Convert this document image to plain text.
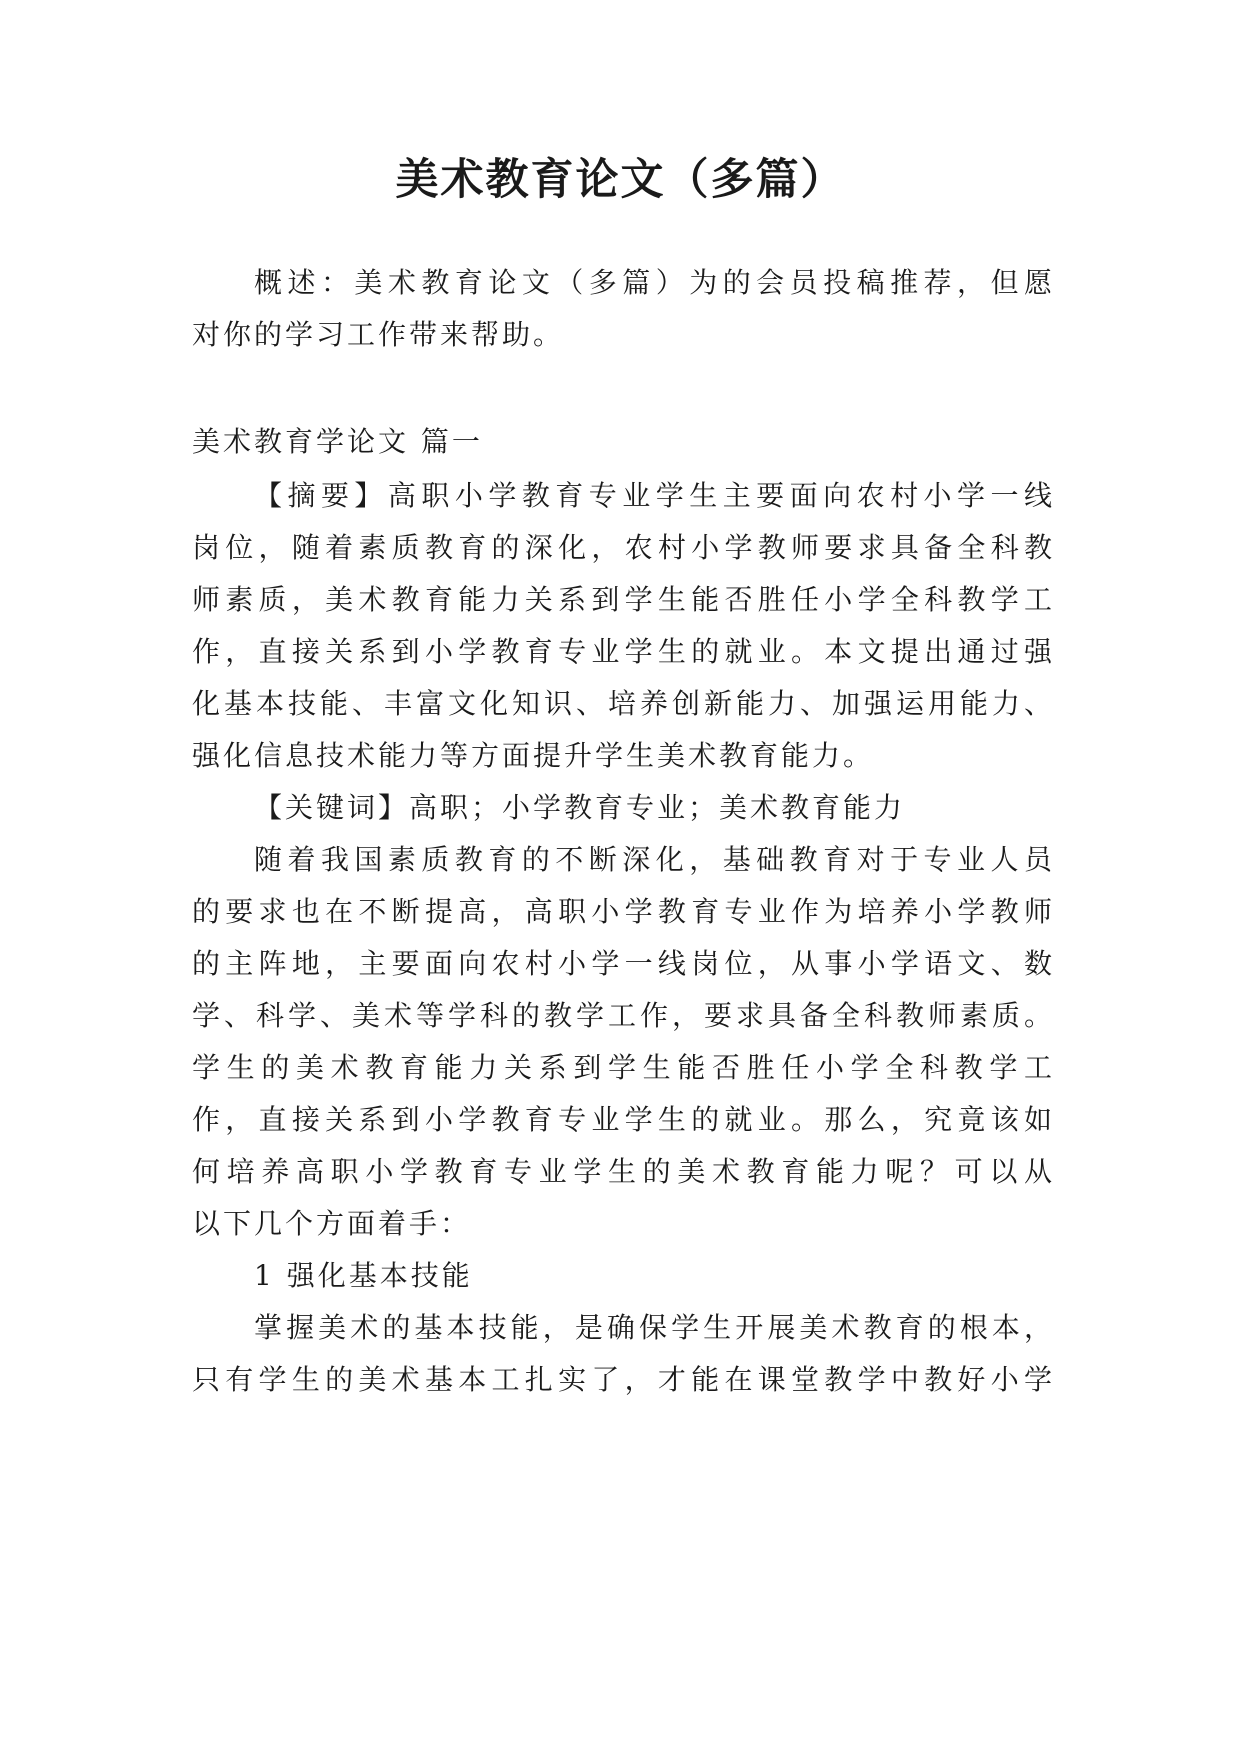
美术教育论文（多篇）
概述：美术教育论文（多篇）为的会员投稿推荐，但愿
对你的学习工作带来帮助。
美术教育学论文 篇一
【摘要】高职小学教育专业学生主要面向农村小学一线
岗位，随着素质教育的深化，农村小学教师要求具备全科教
师素质，美术教育能力关系到学生能否胜任小学全科教学工
作，直接关系到小学教育专业学生的就业。本文提出通过强
化基本技能、丰富文化知识、培养创新能力、加强运用能力、
强化信息技术能力等方面提升学生美术教育能力。
【关键词】高职；小学教育专业；美术教育能力
随着我国素质教育的不断深化，基础教育对于专业人员
的要求也在不断提高，高职小学教育专业作为培养小学教师
的主阵地，主要面向农村小学一线岗位，从事小学语文、数
学、科学、美术等学科的教学工作，要求具备全科教师素质。
学生的美术教育能力关系到学生能否胜任小学全科教学工
作，直接关系到小学教育专业学生的就业。那么，究竟该如
何培养高职小学教育专业学生的美术教育能力呢？可以从
以下几个方面着手：
1 强化基本技能
掌握美术的基本技能，是确保学生开展美术教育的根本，
只有学生的美术基本工扎实了，才能在课堂教学中教好小学
